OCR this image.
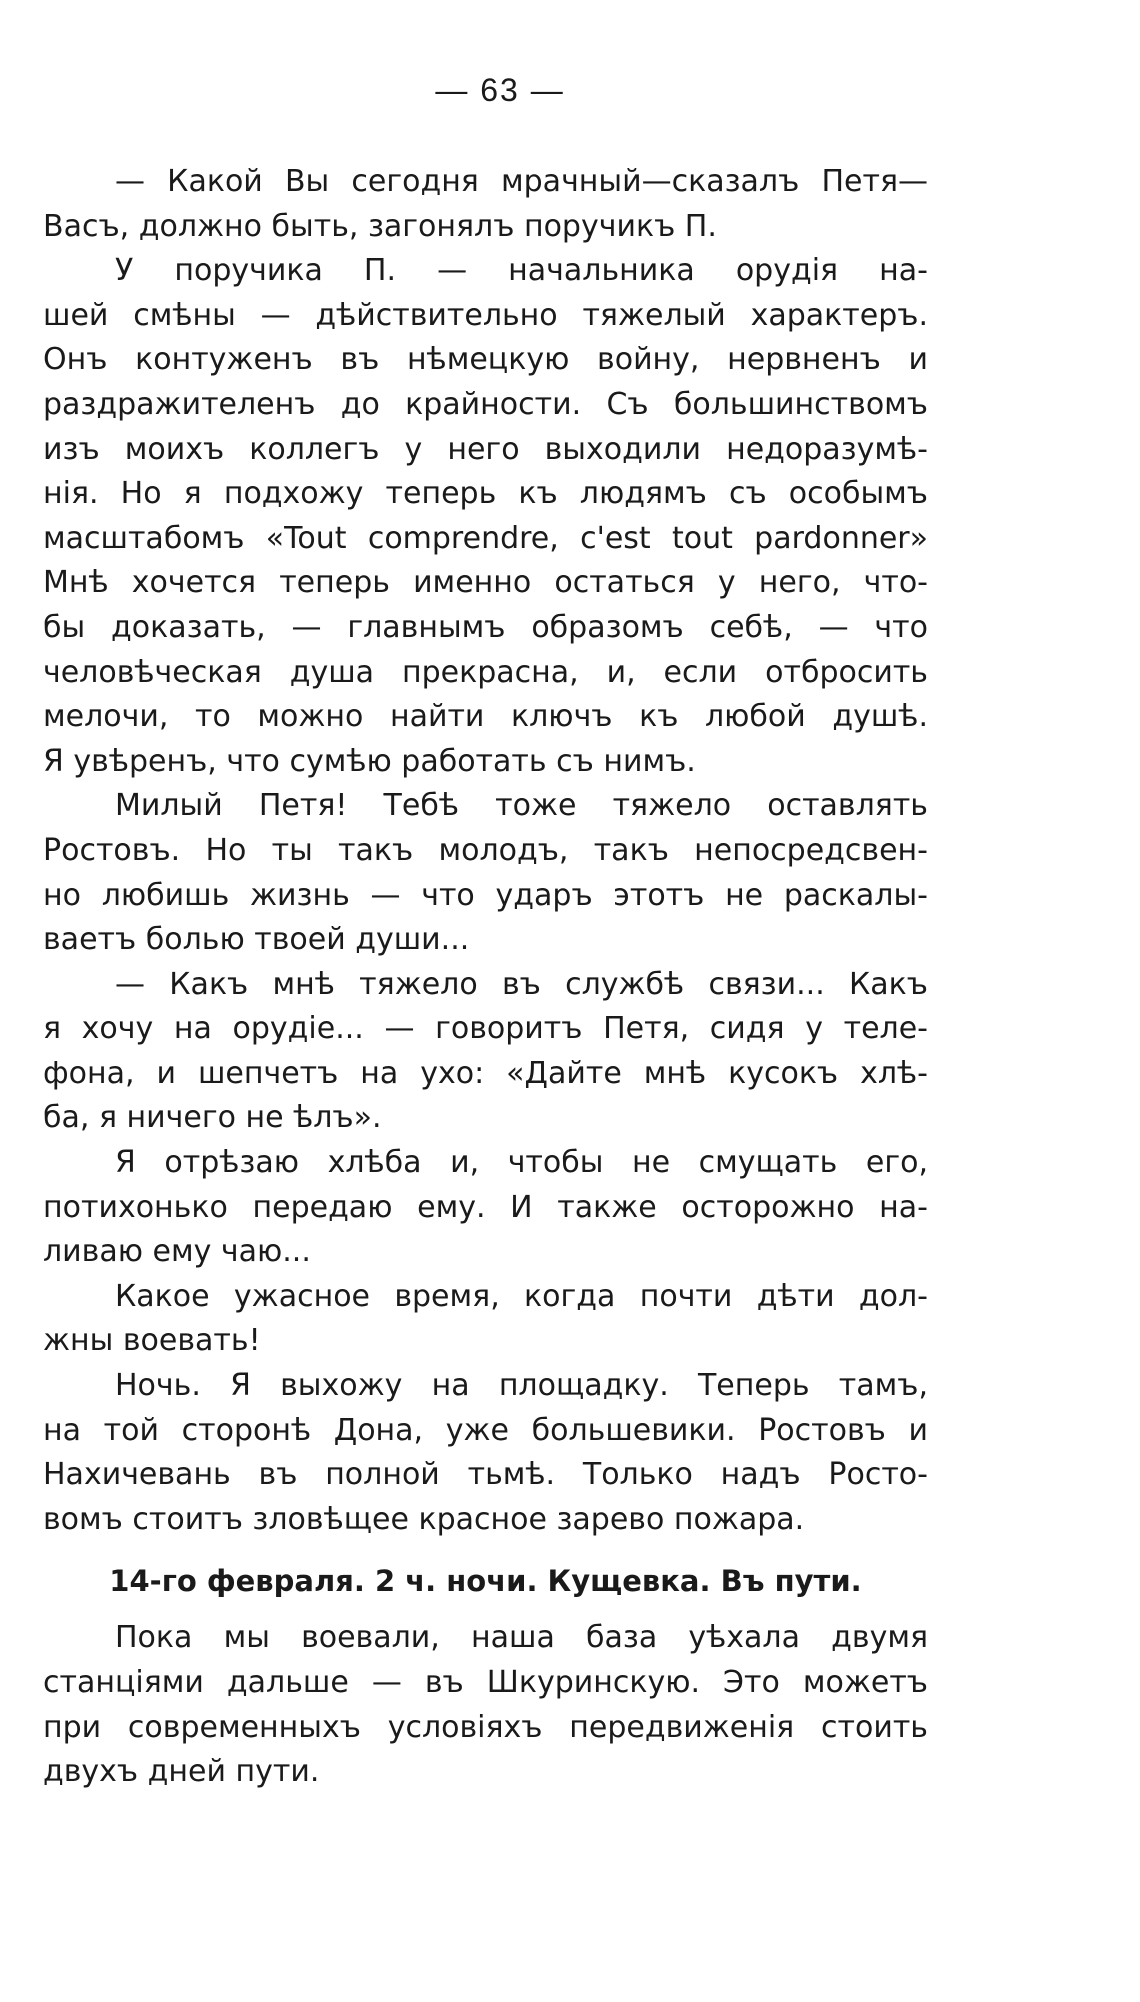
— 63 —
— Какой Вы сегодня мрачный—сказалъ Петя—
Васъ, должно быть, загонялъ поручикъ П.
У поручика П. — начальника орудія на-
шей смѣны — дѣйствительно тяжелый характеръ.
Онъ контуженъ въ нѣмецкую войну, нервненъ и
раздражителенъ до крайности. Съ большинствомъ
изъ моихъ коллегъ у него выходили недоразумѣ-
нія. Но я подхожу теперь къ людямъ съ особымъ
масштабомъ «Tout comprendre, c'est tout pardonner»
Мнѣ хочется теперь именно остаться у него, что-
бы доказать, — главнымъ образомъ себѣ, — что
человѣческая душа прекрасна, и, если отбросить
мелочи, то можно найти ключъ къ любой душѣ.
Я увѣренъ, что сумѣю работать съ нимъ.
Милый Петя! Тебѣ тоже тяжело оставлять
Ростовъ. Но ты такъ молодъ, такъ непосредсвен-
но любишь жизнь — что ударъ этотъ не раскалы-
ваетъ болью твоей души...
— Какъ мнѣ тяжело въ службѣ связи... Какъ
я хочу на орудіе... — говоритъ Петя, сидя у теле-
фона, и шепчетъ на ухо: «Дайте мнѣ кусокъ хлѣ-
ба, я ничего не ѣлъ».
Я отрѣзаю хлѣба и, чтобы не смущать его,
потихонько передаю ему. И также осторожно на-
ливаю ему чаю...
Какое ужасное время, когда почти дѣти дол-
жны воевать!
Ночь. Я выхожу на площадку. Теперь тамъ,
на той сторонѣ Дона, уже большевики. Ростовъ и
Нахичевань въ полной тьмѣ. Только надъ Росто-
вомъ стоитъ зловѣщее красное зарево пожара.
14-го февраля. 2 ч. ночи. Кущевка. Въ пути.
Пока мы воевали, наша база уѣхала двумя
станціями дальше — въ Шкуринскую. Это можетъ
при современныхъ условіяхъ передвиженія стоить
двухъ дней пути.
